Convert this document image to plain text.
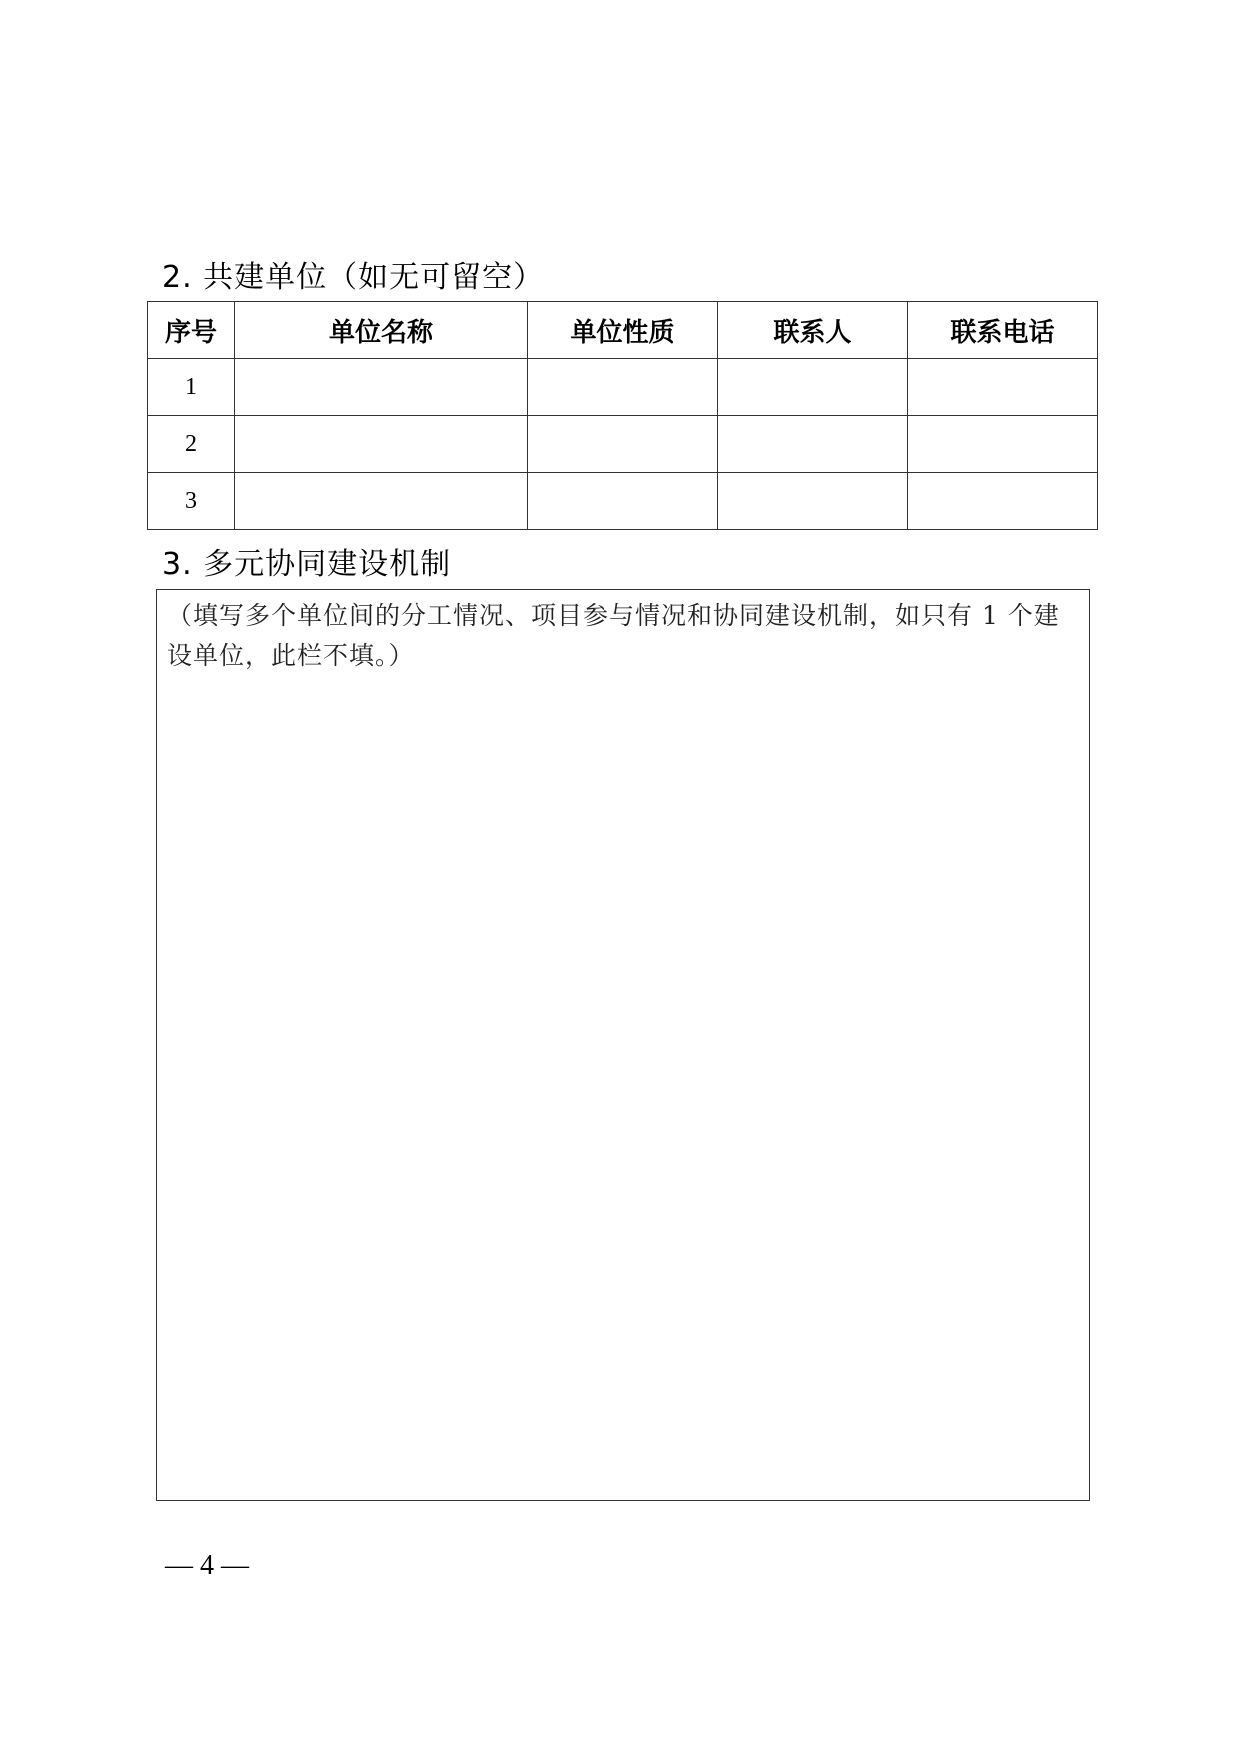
2. 共建单位（如无可留空）
序号	单位名称	单位性质	联系人	联系电话
1				
2				
3				
3. 多元协同建设机制
（填写多个单位间的分工情况、项目参与情况和协同建设机制，如只有 1 个建设单位，此栏不填。）
— 4 —
